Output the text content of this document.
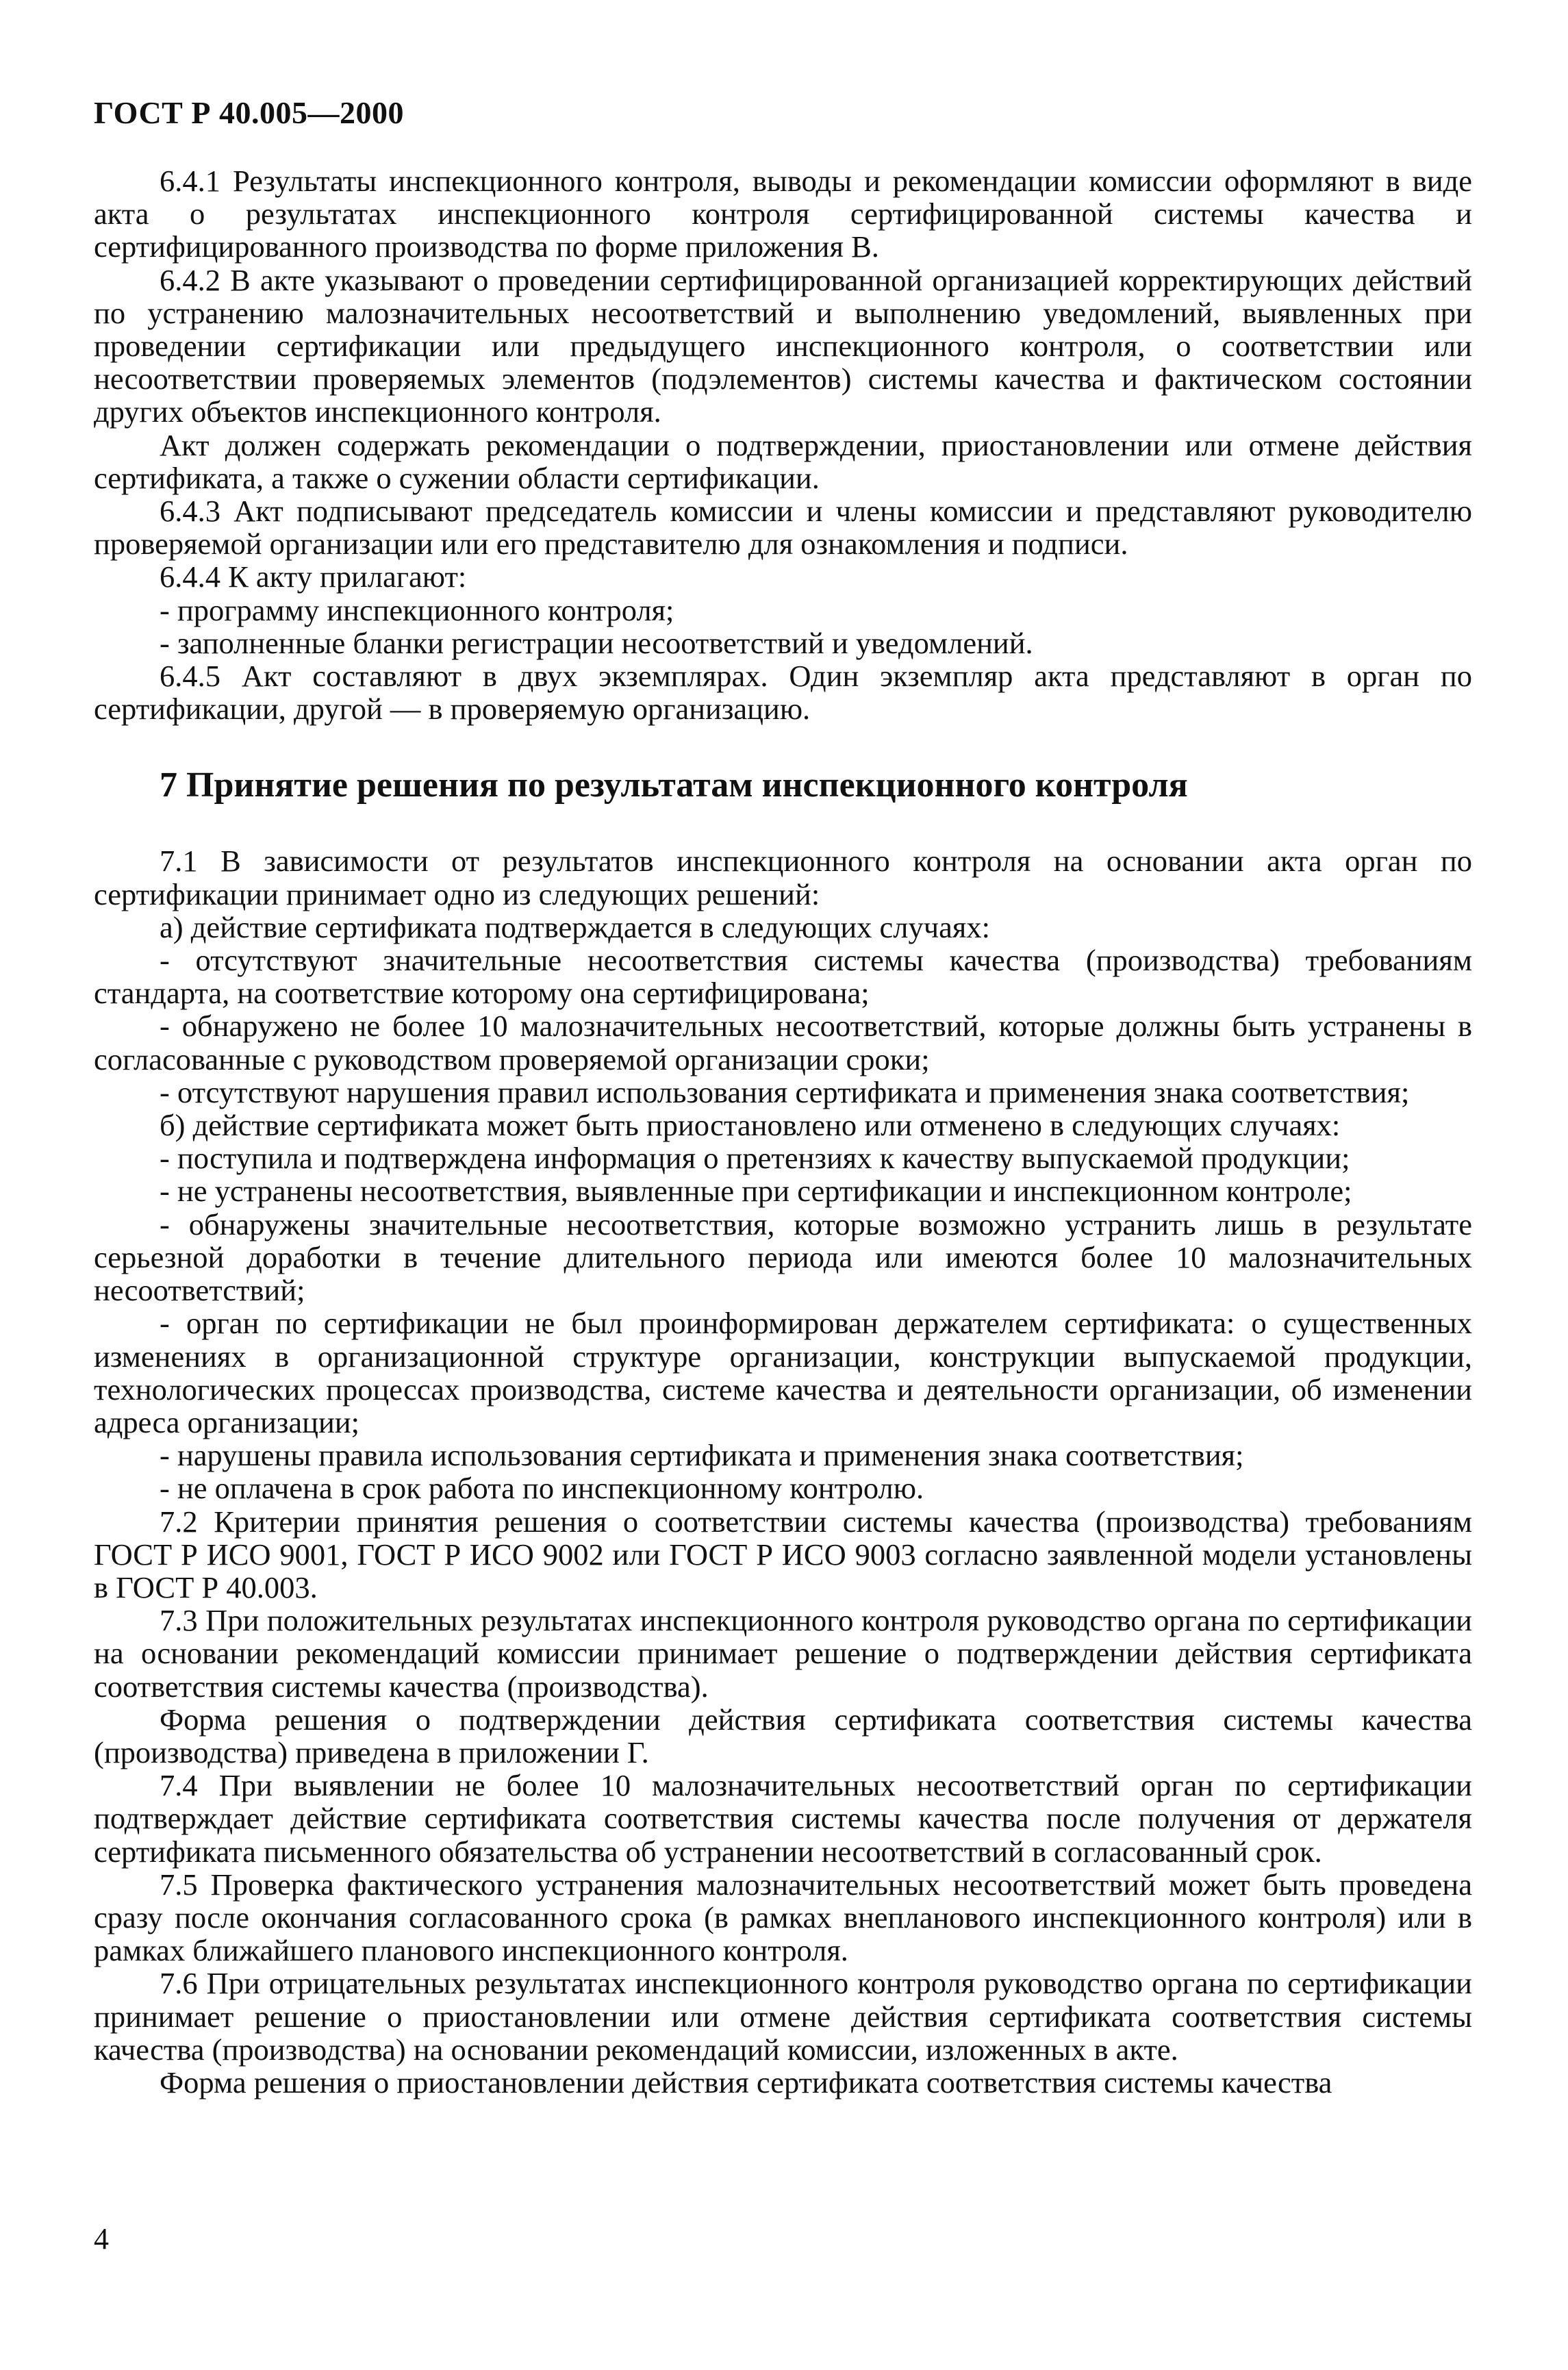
ГОСТ Р 40.005—2000

6.4.1 Результаты инспекционного контроля, выводы и рекомендации комиссии оформляют в виде акта о результатах инспекционного контроля сертифицированной системы качества и сертифицированного производства по форме приложения В.

6.4.2 В акте указывают о проведении сертифицированной организацией корректирующих действий по устранению малозначительных несоответствий и выполнению уведомлений, выявленных при проведении сертификации или предыдущего инспекционного контроля, о соответствии или несоответствии проверяемых элементов (подэлементов) системы качества и фактическом состоянии других объектов инспекционного контроля.

Акт должен содержать рекомендации о подтверждении, приостановлении или отмене действия сертификата, а также о сужении области сертификации.

6.4.3 Акт подписывают председатель комиссии и члены комиссии и представляют руководителю проверяемой организации или его представителю для ознакомления и подписи.

6.4.4 К акту прилагают:

- программу инспекционного контроля;

- заполненные бланки регистрации несоответствий и уведомлений.

6.4.5 Акт составляют в двух экземплярах. Один экземпляр акта представляют в орган по сертификации, другой — в проверяемую организацию.

7 Принятие решения по результатам инспекционного контроля

7.1 В зависимости от результатов инспекционного контроля на основании акта орган по сертификации принимает одно из следующих решений:

а) действие сертификата подтверждается в следующих случаях:

- отсутствуют значительные несоответствия системы качества (производства) требованиям стандарта, на соответствие которому она сертифицирована;

- обнаружено не более 10 малозначительных несоответствий, которые должны быть устранены в согласованные с руководством проверяемой организации сроки;

- отсутствуют нарушения правил использования сертификата и применения знака соответствия;

б) действие сертификата может быть приостановлено или отменено в следующих случаях:

- поступила и подтверждена информация о претензиях к качеству выпускаемой продукции;

- не устранены несоответствия, выявленные при сертификации и инспекционном контроле;

- обнаружены значительные несоответствия, которые возможно устранить лишь в результате серьезной доработки в течение длительного периода или имеются более 10 малозначительных несоответствий;

- орган по сертификации не был проинформирован держателем сертификата: о существенных изменениях в организационной структуре организации, конструкции выпускаемой продукции, технологических процессах производства, системе качества и деятельности организации, об изменении адреса организации;

- нарушены правила использования сертификата и применения знака соответствия;

- не оплачена в срок работа по инспекционному контролю.

7.2 Критерии принятия решения о соответствии системы качества (производства) требованиям ГОСТ Р ИСО 9001, ГОСТ Р ИСО 9002 или ГОСТ Р ИСО 9003 согласно заявленной модели установлены в ГОСТ Р 40.003.

7.3 При положительных результатах инспекционного контроля руководство органа по сертификации на основании рекомендаций комиссии принимает решение о подтверждении действия сертификата соответствия системы качества (производства).

Форма решения о подтверждении действия сертификата соответствия системы качества (производства) приведена в приложении Г.

7.4 При выявлении не более 10 малозначительных несоответствий орган по сертификации подтверждает действие сертификата соответствия системы качества после получения от держателя сертификата письменного обязательства об устранении несоответствий в согласованный срок.

7.5 Проверка фактического устранения малозначительных несоответствий может быть проведена сразу после окончания согласованного срока (в рамках внепланового инспекционного контроля) или в рамках ближайшего планового инспекционного контроля.

7.6 При отрицательных результатах инспекционного контроля руководство органа по сертификации принимает решение о приостановлении или отмене действия сертификата соответствия системы качества (производства) на основании рекомендаций комиссии, изложенных в акте.

Форма решения о приостановлении действия сертификата соответствия системы качества

4
